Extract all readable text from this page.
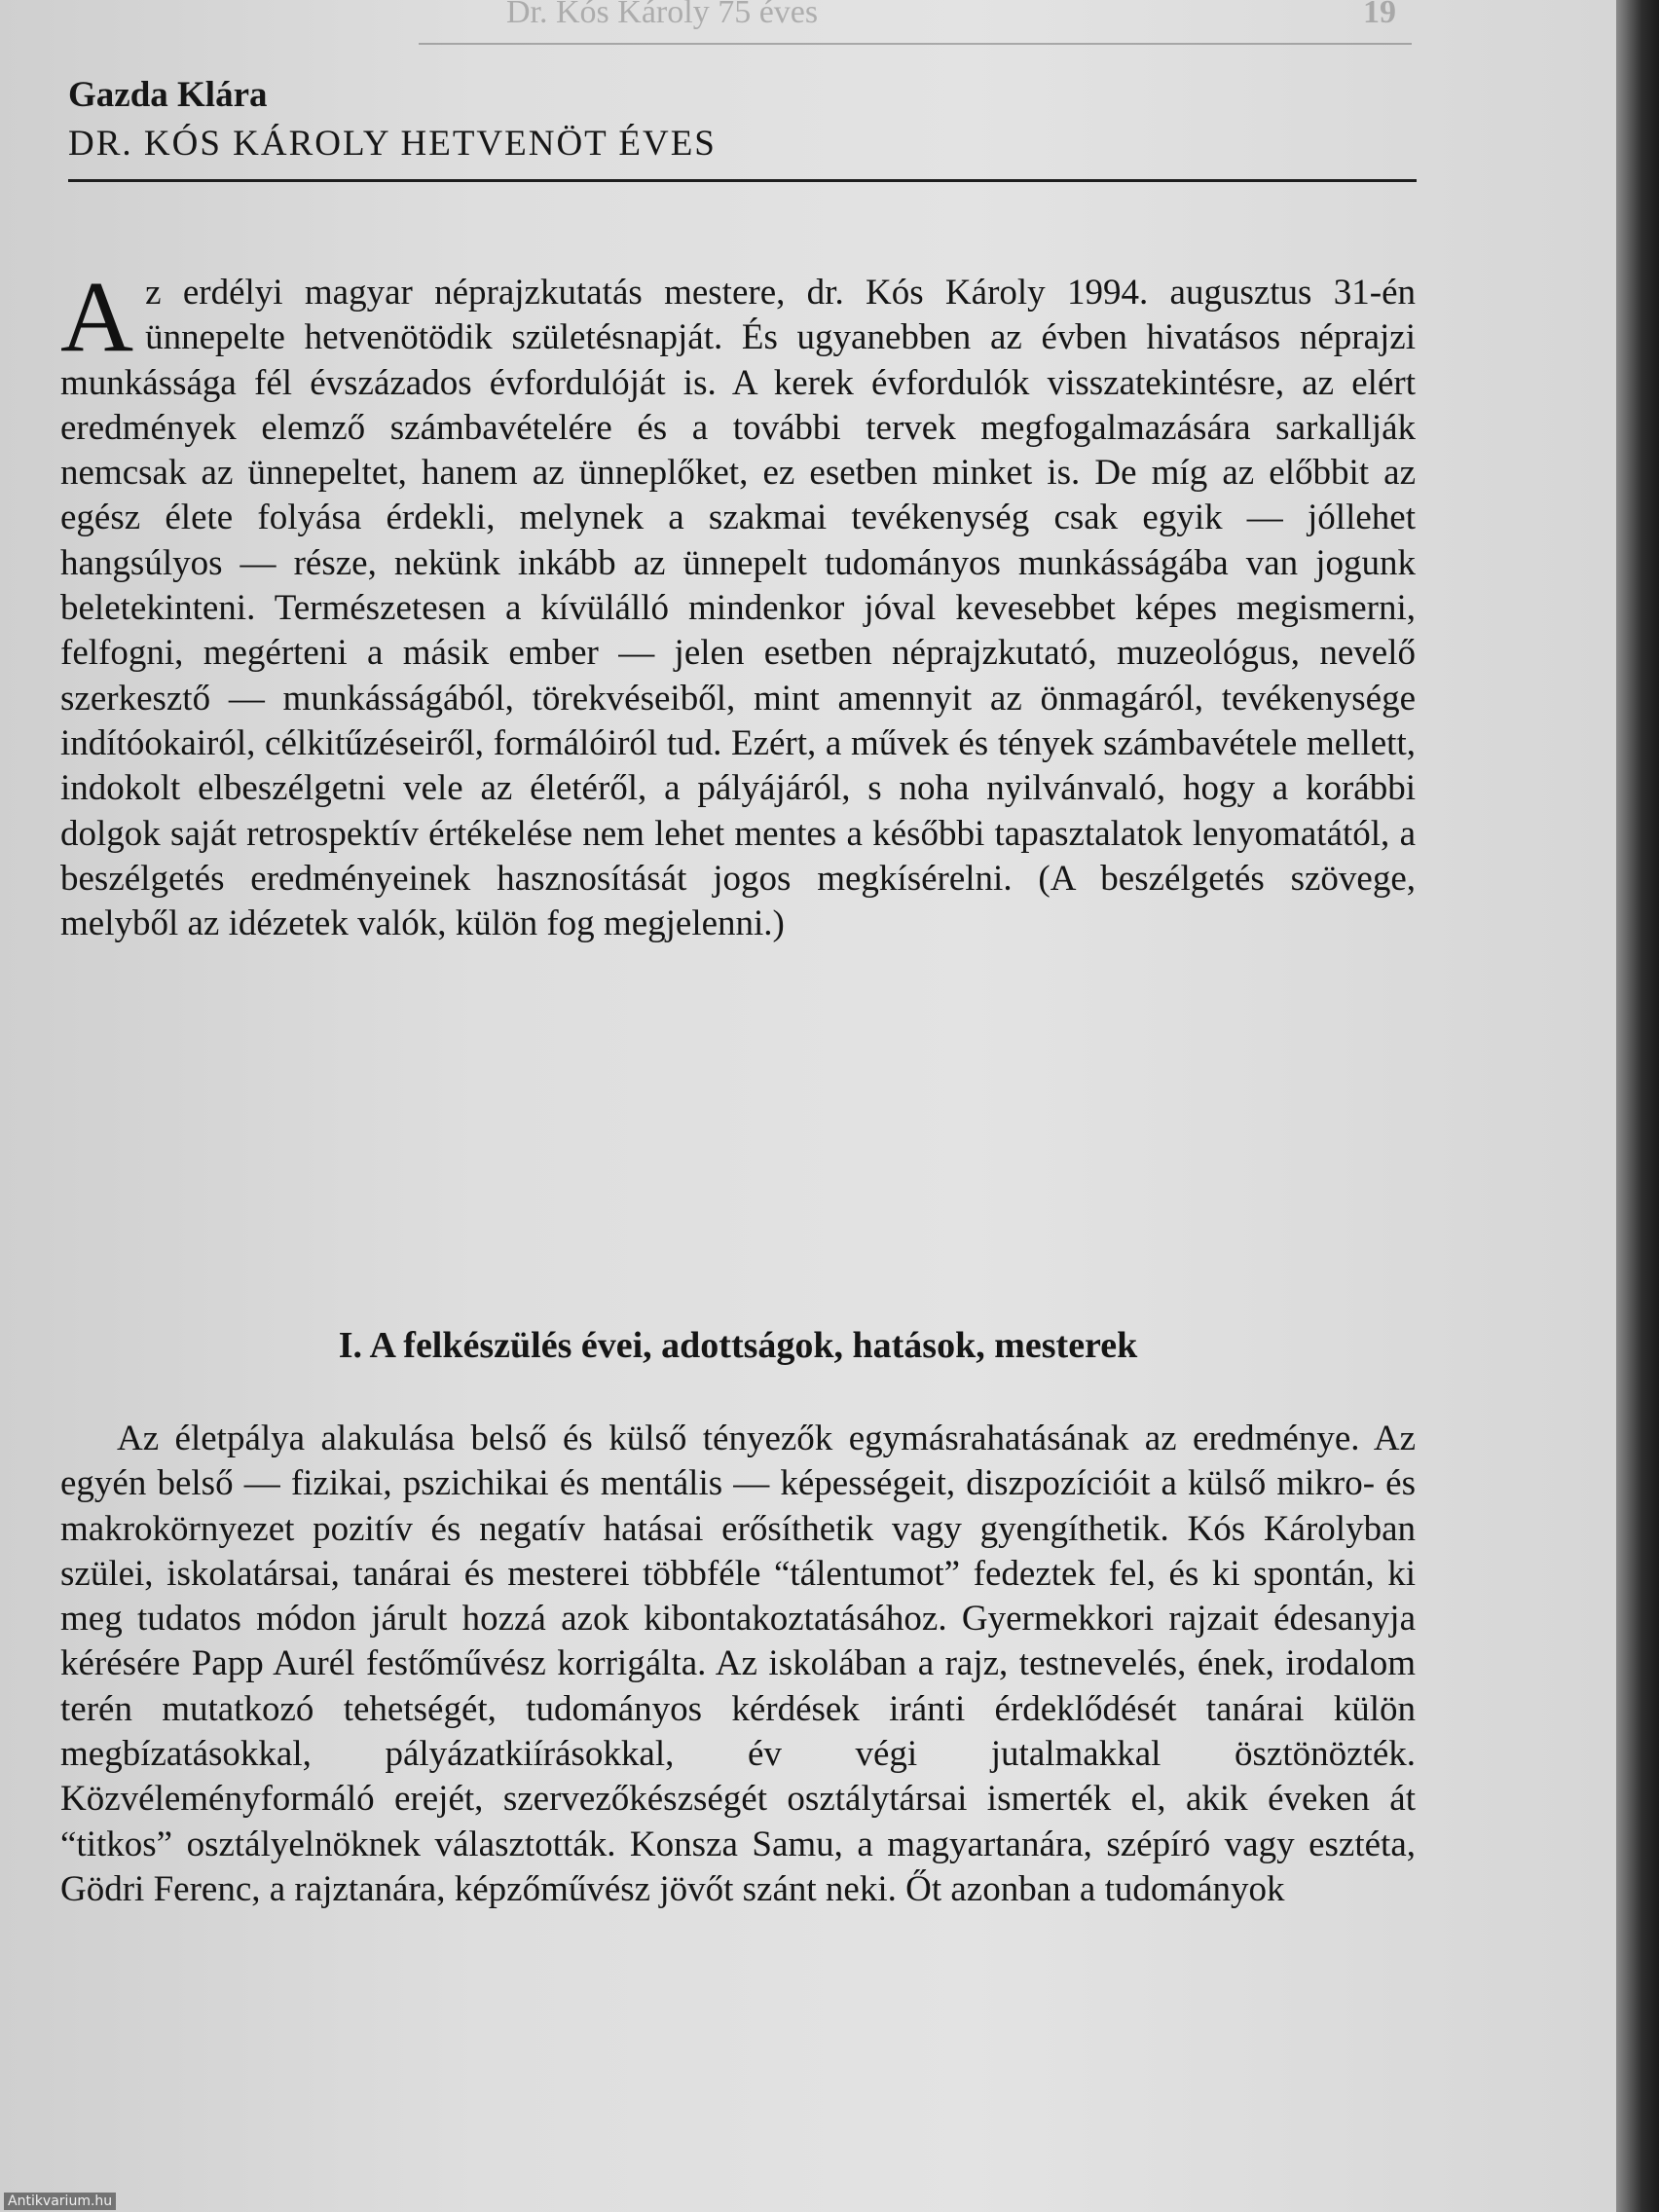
Dr. Kós Károly 75 éves	19

Gazda Klára

DR. KÓS KÁROLY HETVENÖT ÉVES

Az erdélyi magyar néprajzkutatás mestere, dr. Kós Károly 1994. augusztus 31-én ünnepelte hetvenötödik születésnapját. És ugyanebben az évben hivatásos néprajzi munkássága fél évszázados évfordulóját is. A kerek évfordulók visszatekintésre, az elért eredmények elemző számbavételére és a további tervek megfogalmazására sarkallják nemcsak az ünnepeltet, hanem az ünneplőket, ez esetben minket is. De míg az előbbit az egész élete folyása érdekli, melynek a szakmai tevékenység csak egyik — jóllehet hangsúlyos — része, nekünk inkább az ünnepelt tudományos munkásságába van jogunk beletekinteni. Természetesen a kívülálló mindenkor jóval kevesebbet képes megismerni, felfogni, megérteni a másik ember — jelen esetben néprajzkutató, muzeológus, nevelő szerkesztő — munkásságából, törekvéseiből, mint amennyit az önmagáról, tevékenysége indítóokairól, célkitűzéseiről, formálóiról tud. Ezért, a művek és tények számbavétele mellett, indokolt elbeszélgetni vele az életéről, a pályájáról, s noha nyilvánvaló, hogy a korábbi dolgok saját retrospektív értékelése nem lehet mentes a későbbi tapasztalatok lenyomatától, a beszélgetés eredményeinek hasznosítását jogos megkísérelni. (A beszélgetés szövege, melyből az idézetek valók, külön fog megjelenni.)

I. A felkészülés évei, adottságok, hatások, mesterek

Az életpálya alakulása belső és külső tényezők egymásrahatásának az eredménye. Az egyén belső — fizikai, pszichikai és mentális — képességeit, diszpozícióit a külső mikro- és makrokörnyezet pozitív és negatív hatásai erősíthetik vagy gyengíthetik. Kós Károlyban szülei, iskolatársai, tanárai és mesterei többféle “tálentumot” fedeztek fel, és ki spontán, ki meg tudatos módon járult hozzá azok kibontakoztatásához. Gyermekkori rajzait édesanyja kérésére Papp Aurél festőművész korrigálta. Az iskolában a rajz, testnevelés, ének, irodalom terén mutatkozó tehetségét, tudományos kérdések iránti érdeklődését tanárai külön megbízatásokkal, pályázatkiírásokkal, év végi jutalmakkal ösztönözték. Közvéleményformáló erejét, szervezőkészségét osztálytársai ismerték el, akik éveken át “titkos” osztályelnöknek választották. Konsza Samu, a magyartanára, szépíró vagy esztéta, Gödri Ferenc, a rajztanára, képzőművész jövőt szánt neki. Őt azonban a tudományok

Antikvarium.hu
